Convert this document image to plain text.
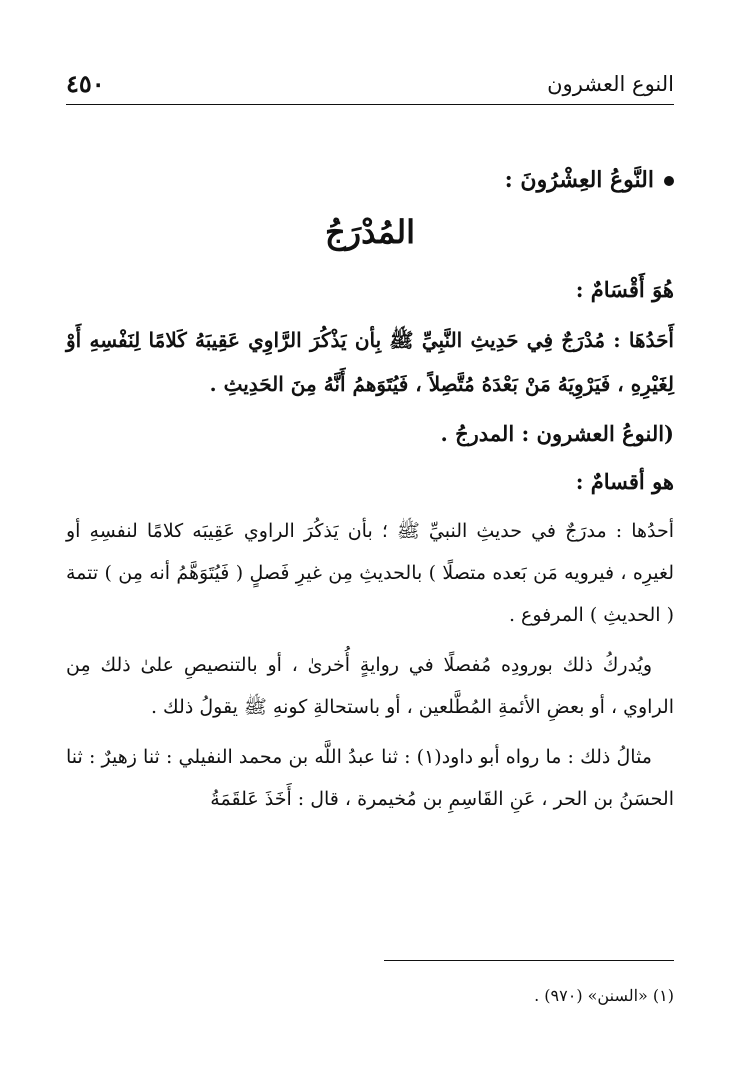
٤٥٠	النوع العشرون
النَّوعُ العِشْرُونَ :
المُدْرَجُ
هُوَ أَقْسَامٌ :

أَحَدُهَا : مُدْرَجٌ فِي حَدِيثِ النَّبِيِّ ﷺ بِأن يَذْكُرَ الرَّاوِي عَقِيبَهُ كَلامًا لِنَفْسِهِ أَوْ لِغَيْرِهِ ، فَيَرْوِيَهُ مَنْ بَعْدَهُ مُتَّصِلاً ، فَيُتَوَهمُ أَنَّهُ مِنَ الحَدِيثِ .

(النوعُ العشرون : المدرجُ .
هو أقسامٌ :

أحدُها : مدرَجٌ في حديثِ النبيِّ ﷺ ؛ بأن يَذكُرَ الراوي عَقِيبَه كلامًا لنفسِهِ أو لغيرِه ، فيرويه مَن بَعده متصلًا ) بالحديثِ مِن غيرِ فَصلٍ ( فَيُتَوَهَّمُ أنه مِن ) تتمة ( الحديثِ ) المرفوع .

ويُدركُ ذلك بورودِه مُفصلًا في روايةٍ أُخرىٰ ، أو بالتنصيصِ علىٰ ذلك مِن الراوي ، أو بعضِ الأئمةِ المُطَّلعين ، أو باستحالةِ كونهِ ﷺ يقولُ ذلك .

مثالُ ذلك : ما رواه أبو داود(١) : ثنا عبدُ اللَّه بن محمد النفيلي : ثنا زهيرٌ : ثنا الحسَنُ بن الحر ، عَنِ القَاسِمِ بن مُخيمرة ، قال : أَخَذَ عَلقَمَةُ

(١) «السنن» (٩٧٠) .
